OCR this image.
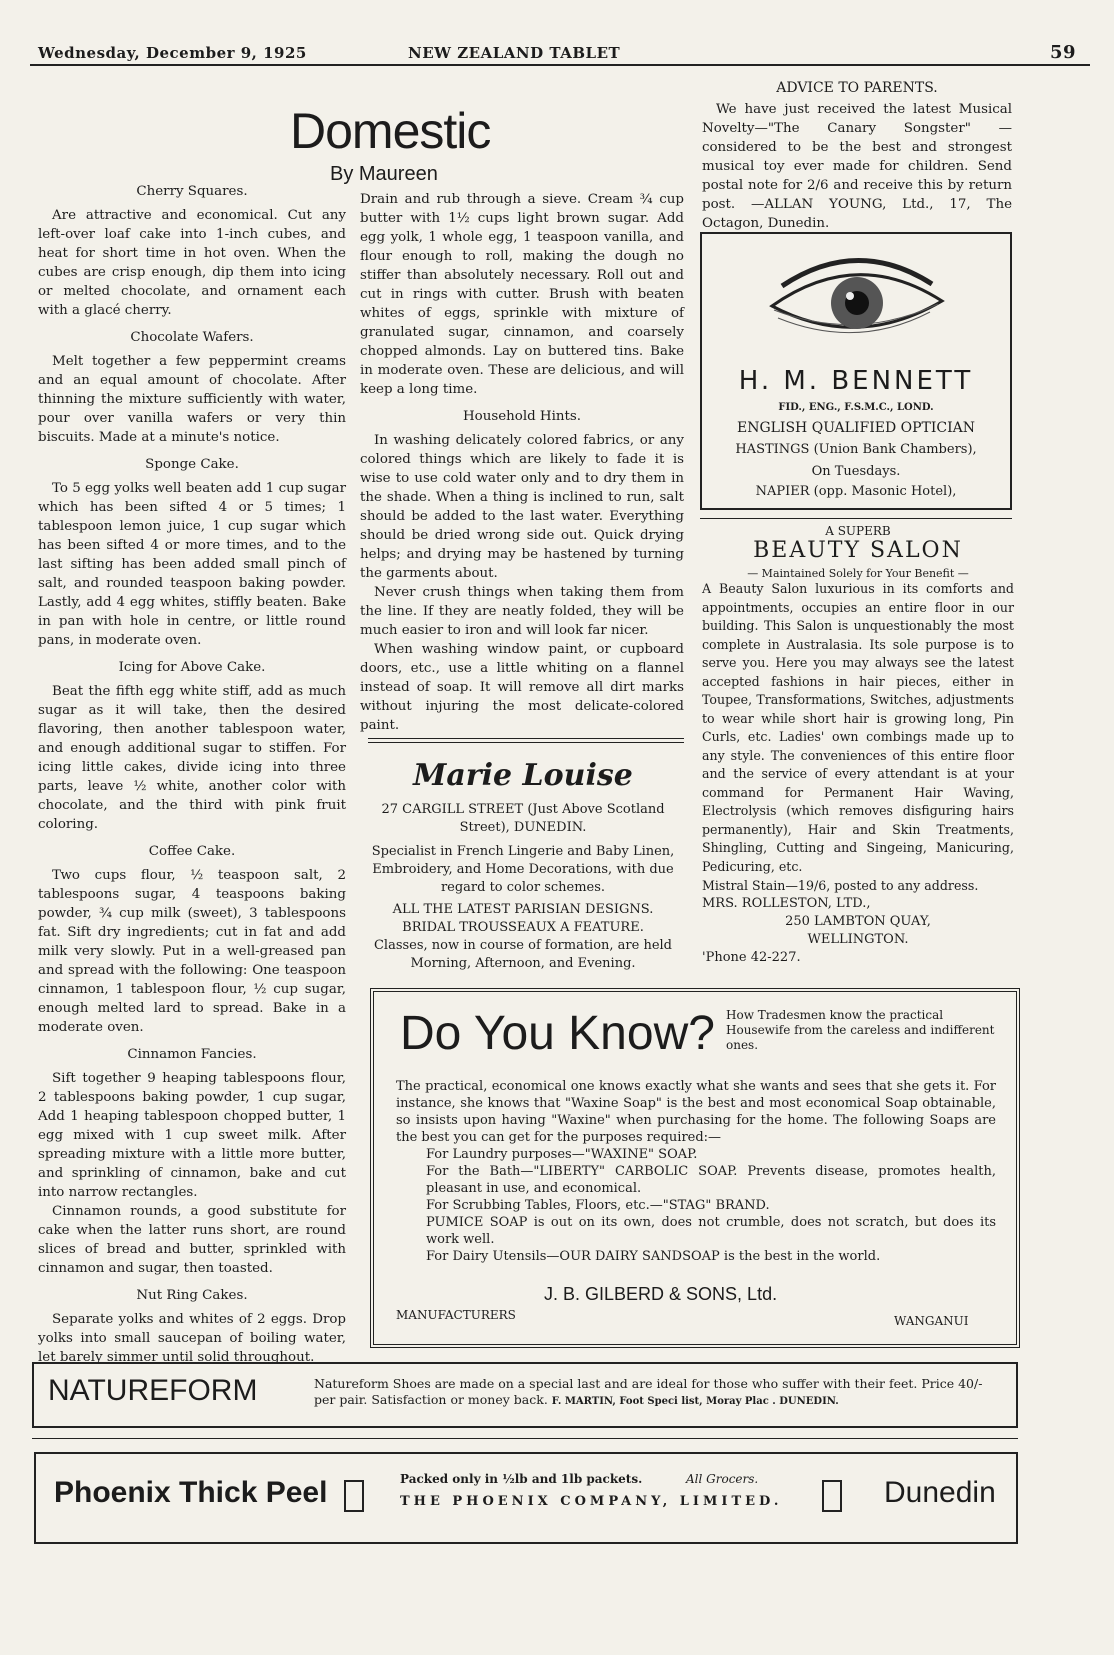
Wednesday, December 9, 1925	NEW ZEALAND TABLET	59
Domestic
By Maureen
Cherry Squares.

Are attractive and economical. Cut any left-over loaf cake into 1-inch cubes, and heat for short time in hot oven. When the cubes are crisp enough, dip them into icing or melted chocolate, and ornament each with a glacé cherry.

Chocolate Wafers.

Melt together a few peppermint creams and an equal amount of chocolate. After thinning the mixture sufficiently with water, pour over vanilla wafers or very thin biscuits. Made at a minute's notice.

Sponge Cake.

To 5 egg yolks well beaten add 1 cup sugar which has been sifted 4 or 5 times; 1 tablespoon lemon juice, 1 cup sugar which has been sifted 4 or more times, and to the last sifting has been added small pinch of salt, and rounded teaspoon baking powder. Lastly, add 4 egg whites, stiffly beaten. Bake in pan with hole in centre, or little round pans, in moderate oven.

Icing for Above Cake.

Beat the fifth egg white stiff, add as much sugar as it will take, then the desired flavoring, then another tablespoon water, and enough additional sugar to stiffen. For icing little cakes, divide icing into three parts, leave ½ white, another color with chocolate, and the third with pink fruit coloring.

Coffee Cake.

Two cups flour, ½ teaspoon salt, 2 tablespoons sugar, 4 teaspoons baking powder, ¾ cup milk (sweet), 3 tablespoons fat. Sift dry ingredients; cut in fat and add milk very slowly. Put in a well-greased pan and spread with the following: One teaspoon cinnamon, 1 tablespoon flour, ½ cup sugar, enough melted lard to spread. Bake in a moderate oven.

Cinnamon Fancies.

Sift together 9 heaping tablespoons flour, 2 tablespoons baking powder, 1 cup sugar, Add 1 heaping tablespoon chopped butter, 1 egg mixed with 1 cup sweet milk. After spreading mixture with a little more butter, and sprinkling of cinnamon, bake and cut into narrow rectangles.

Cinnamon rounds, a good substitute for cake when the latter runs short, are round slices of bread and butter, sprinkled with cinnamon and sugar, then toasted.

Nut Ring Cakes.

Separate yolks and whites of 2 eggs. Drop yolks into small saucepan of boiling water, let barely simmer until solid throughout.

Drain and rub through a sieve. Cream ¾ cup butter with 1½ cups light brown sugar. Add egg yolk, 1 whole egg, 1 teaspoon vanilla, and flour enough to roll, making the dough no stiffer than absolutely necessary. Roll out and cut in rings with cutter. Brush with beaten whites of eggs, sprinkle with mixture of granulated sugar, cinnamon, and coarsely chopped almonds. Lay on buttered tins. Bake in moderate oven. These are delicious, and will keep a long time.

Household Hints.

In washing delicately colored fabrics, or any colored things which are likely to fade it is wise to use cold water only and to dry them in the shade. When a thing is inclined to run, salt should be added to the last water. Everything should be dried wrong side out. Quick drying helps; and drying may be hastened by turning the garments about.

Never crush things when taking them from the line. If they are neatly folded, they will be much easier to iron and will look far nicer.

When washing window paint, or cupboard doors, etc., use a little whiting on a flannel instead of soap. It will remove all dirt marks without injuring the most delicate-colored paint.

Marie Louise
27 CARGILL STREET (Just Above Scotland Street), DUNEDIN.
Specialist in French Lingerie and Baby Linen, Embroidery, and Home Decorations, with due regard to color schemes.
ALL THE LATEST PARISIAN DESIGNS.
BRIDAL TROUSSEAUX A FEATURE.
Classes, now in course of formation, are held Morning, Afternoon, and Evening.
ADVICE TO PARENTS.

We have just received the latest Musical Novelty—"The Canary Songster" — considered to be the best and strongest musical toy ever made for children. Send postal note for 2/6 and receive this by return post. —ALLAN YOUNG, Ltd., 17, The Octagon, Dunedin.

H. M. BENNETT
FID., ENG., F.S.M.C., LOND.
ENGLISH QUALIFIED OPTICIAN
HASTINGS (Union Bank Chambers),
On Tuesdays.
NAPIER (opp. Masonic Hotel),
A SUPERB
BEAUTY SALON
— Maintained Solely for Your Benefit —

A Beauty Salon luxurious in its comforts and appointments, occupies an entire floor in our building. This Salon is unquestionably the most complete in Australasia. Its sole purpose is to serve you. Here you may always see the latest accepted fashions in hair pieces, either in Toupee, Transformations, Switches, adjustments to wear while short hair is growing long, Pin Curls, etc. Ladies' own combings made up to any style. The conveniences of this entire floor and the service of every attendant is at your command for Permanent Hair Waving, Electrolysis (which removes disfiguring hairs permanently), Hair and Skin Treatments, Shingling, Cutting and Singeing, Manicuring, Pedicuring, etc.

Mistral Stain—19/6, posted to any address.

MRS. ROLLESTON, LTD.,
250 LAMBTON QUAY,
WELLINGTON.
'Phone 42-227.
Do You Know? How Tradesmen know the practical Housewife from the careless and indifferent ones.

The practical, economical one knows exactly what she wants and sees that she gets it. For instance, she knows that "Waxine Soap" is the best and most economical Soap obtainable, so insists upon having "Waxine" when purchasing for the home. The following Soaps are the best you can get for the purposes required:—

For Laundry purposes—"WAXINE" SOAP.

For the Bath—"LIBERTY" CARBOLIC SOAP. Prevents disease, promotes health, pleasant in use, and economical.

For Scrubbing Tables, Floors, etc.—"STAG" BRAND.

PUMICE SOAP is out on its own, does not crumble, does not scratch, but does its work well.

For Dairy Utensils—OUR DAIRY SANDSOAP is the best in the world.

J. B. GILBERD & SONS, Ltd.
MANUFACTURERS	WANGANUI
NATUREFORM	Natureform Shoes are made on a special last and are ideal for those who suffer with their feet. Price 40/- per pair. Satisfaction or money back. F. MARTIN, Foot Speci list, Moray Plac . DUNEDIN.
Phoenix Thick Peel	Packed only in ½lb and 1lb packets.	All Grocers.
THE PHOENIX COMPANY, LIMITED.	Dunedin
